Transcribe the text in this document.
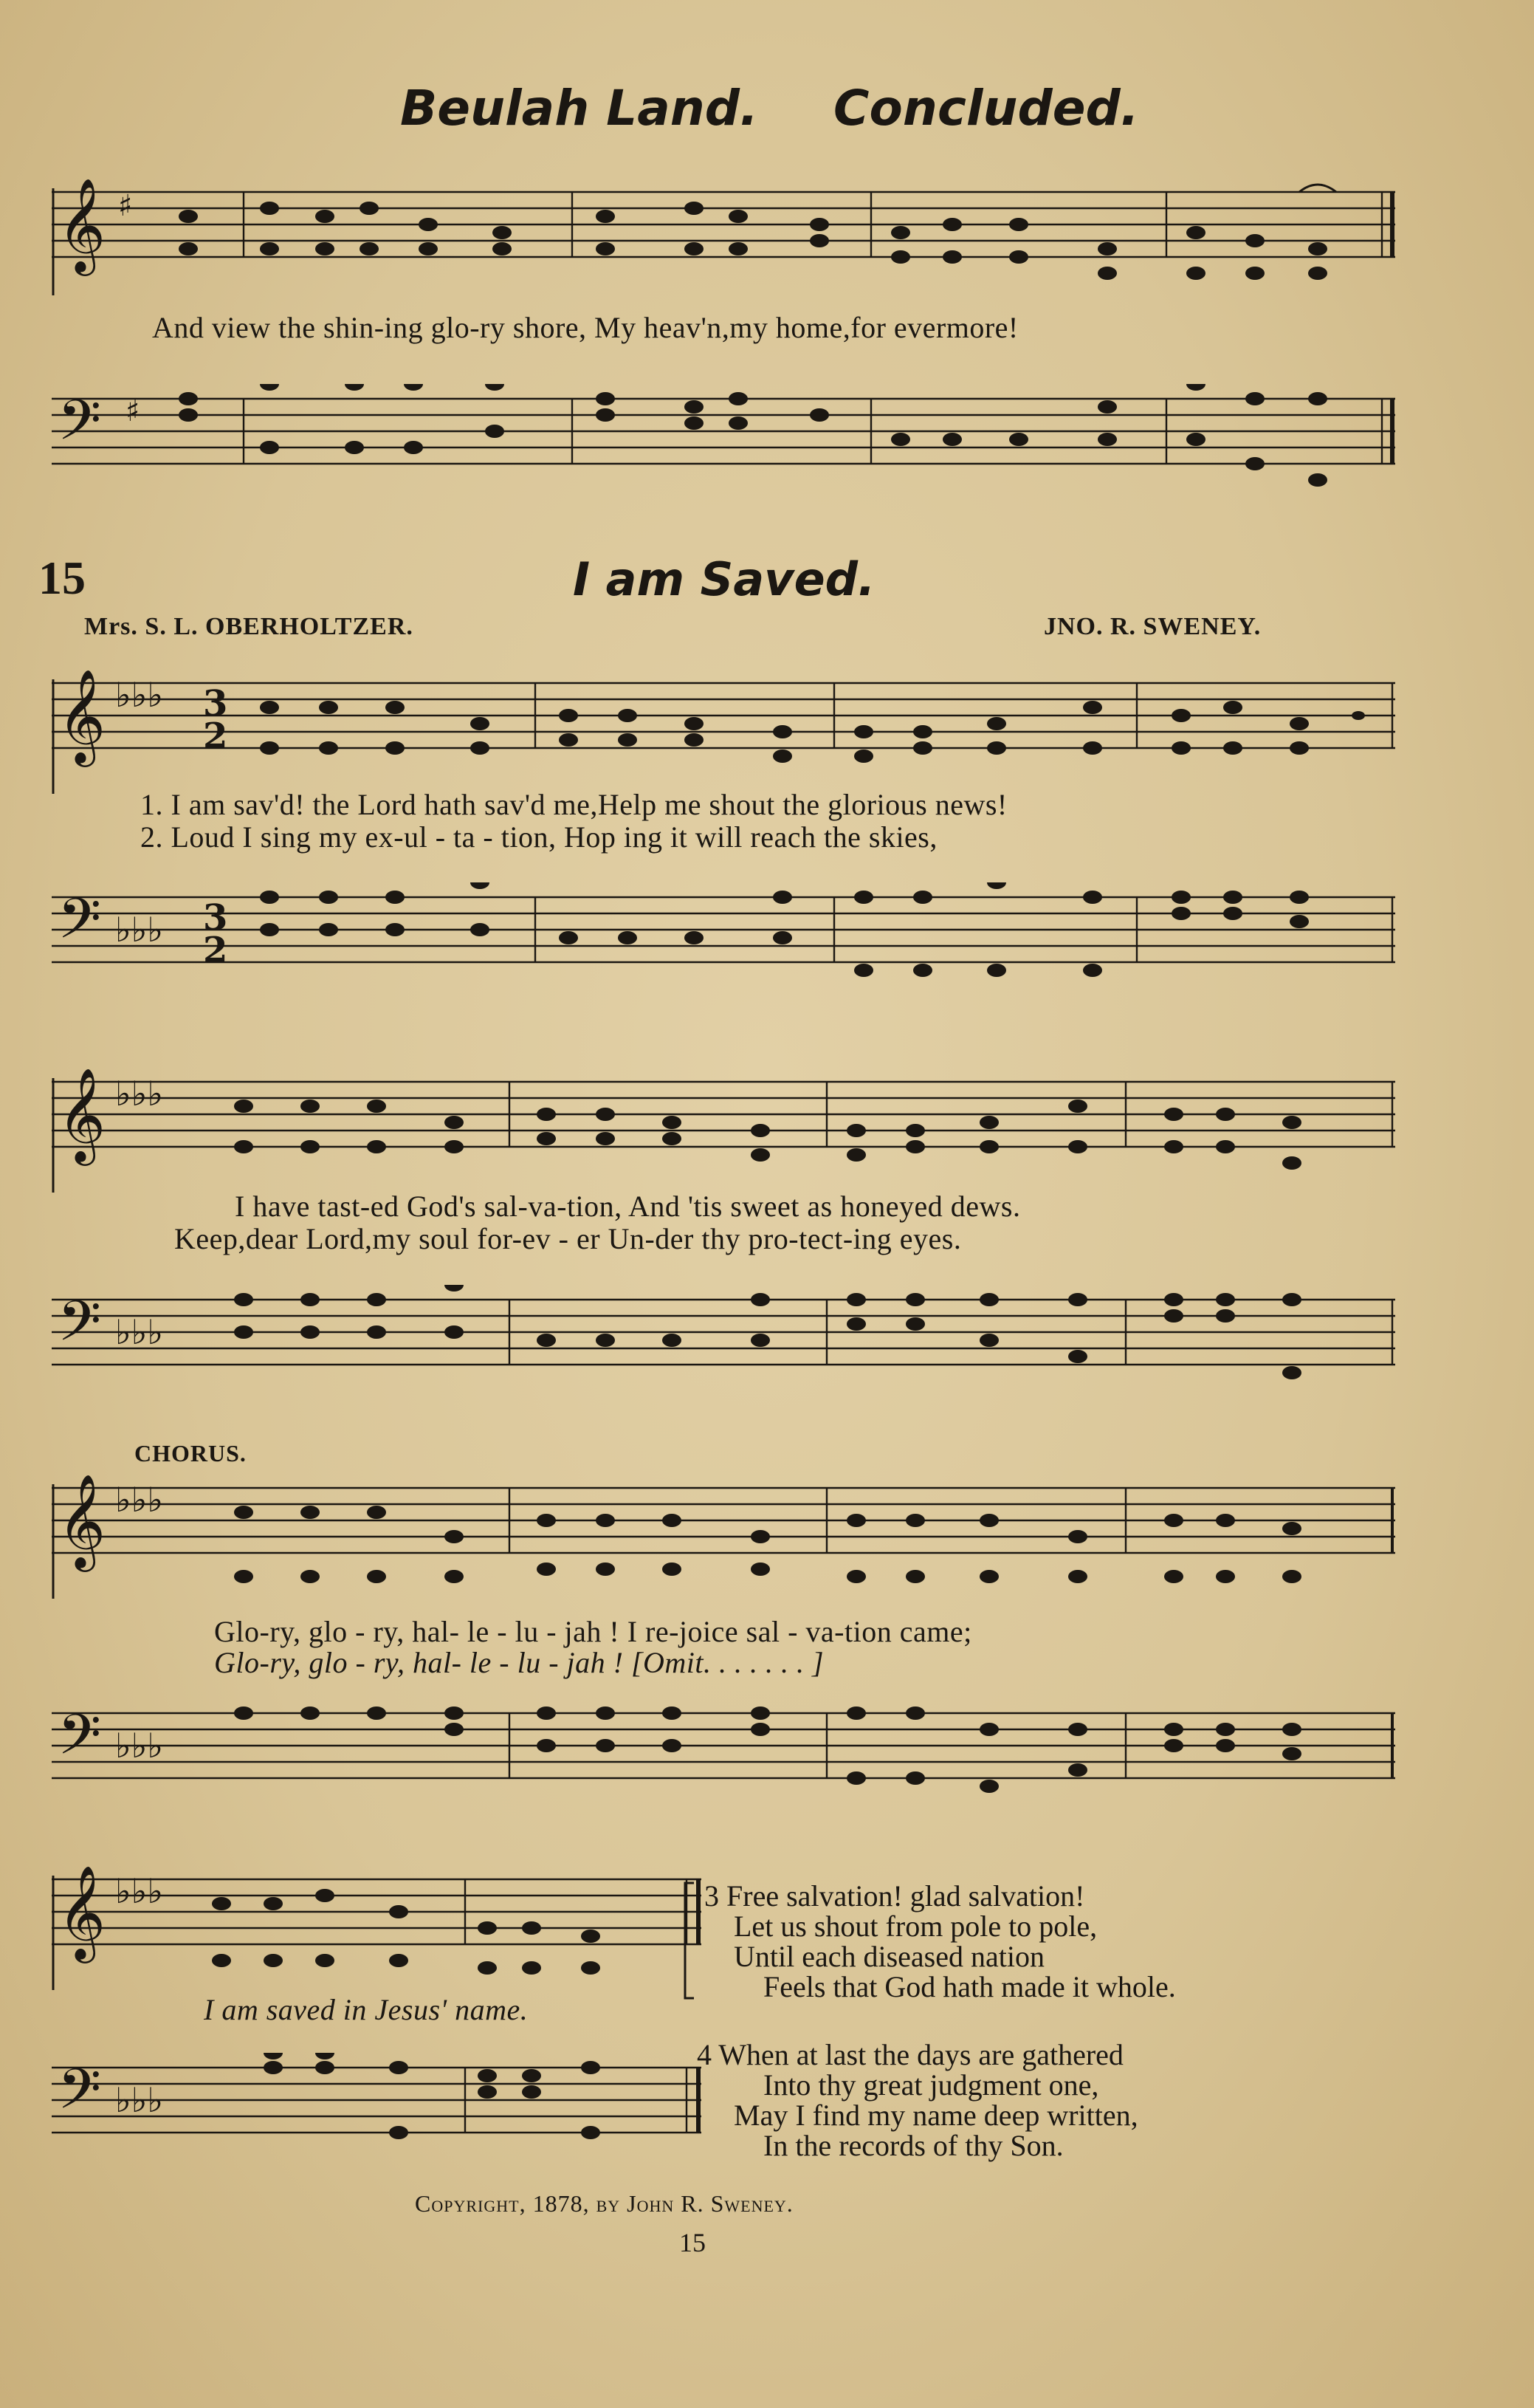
Beulah Land. Concluded.
𝄞 ♯
And view the shin-ing glo-ry shore, My heav'n,my home,for evermore!
𝄢 ♯
15	I am Saved.
Mrs. S. L. OBERHOLTZER.	JNO. R. SWENEY.
𝄞 ♭♭♭ 3
2
1. I am sav'd! the Lord hath sav'd me,Help me shout the glorious news!
2. Loud I sing my ex-ul - ta - tion, Hop ing it will reach the skies,
𝄢 ♭♭♭ 3
2
𝄞 ♭♭♭
I have tast-ed God's sal-va-tion, And 'tis sweet as honeyed dews.
Keep,dear Lord,my soul for-ev - er Un-der thy pro-tect-ing eyes.
𝄢 ♭♭♭
CHORUS.
𝄞 ♭♭♭
Glo-ry, glo - ry, hal- le - lu - jah ! I re-joice sal - va-tion came;
Glo-ry, glo - ry, hal- le - lu - jah ! [Omit. . . . . . . ]
𝄢 ♭♭♭
𝄞 ♭♭♭
I am saved in Jesus' name.
𝄢 ♭♭♭
3 Free salvation! glad salvation!
Let us shout from pole to pole,
Until each diseased nation
Feels that God hath made it whole.
4 When at last the days are gathered
Into thy great judgment one,
May I find my name deep written,
In the records of thy Son.
Copyright, 1878, by John R. Sweney.
15
